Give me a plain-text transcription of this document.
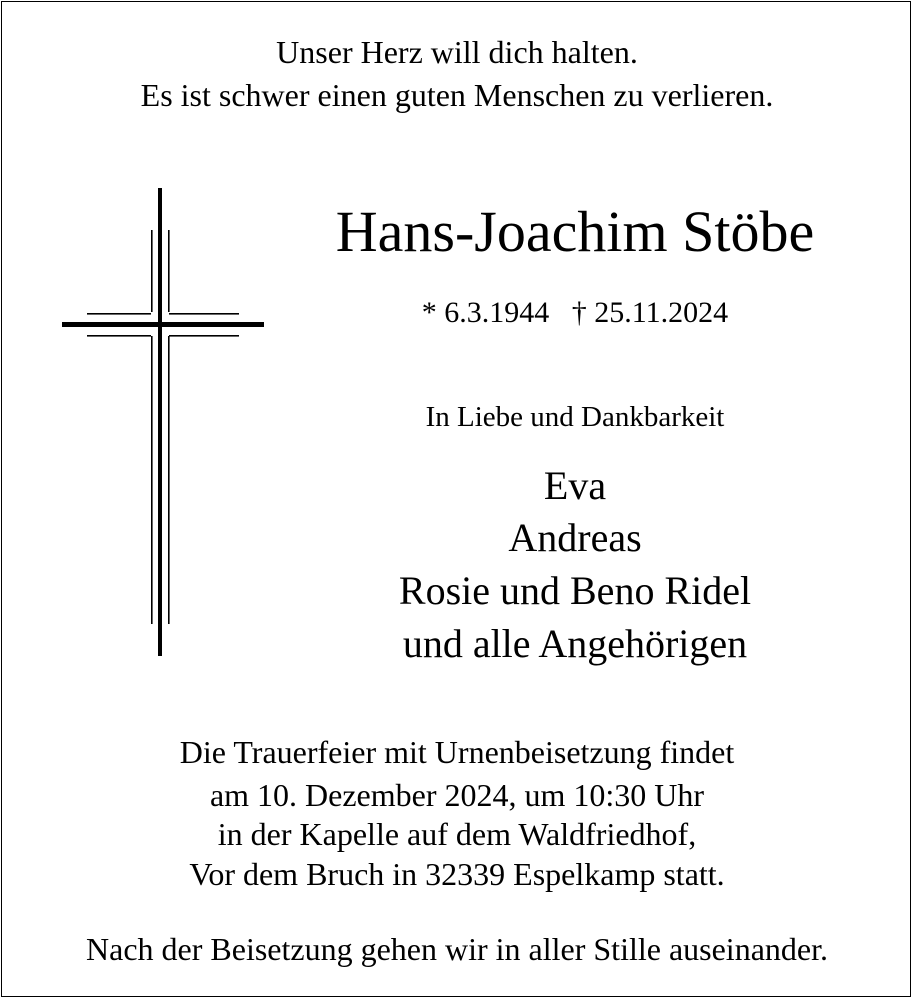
Unser Herz will dich halten.
Es ist schwer einen guten Menschen zu verlieren.
Hans-Joachim Stöbe
* 6.3.1944   † 25.11.2024
In Liebe und Dankbarkeit
Eva
Andreas
Rosie und Beno Ridel
und alle Angehörigen
Die Trauerfeier mit Urnenbeisetzung findet
am 10. Dezember 2024, um 10:30 Uhr
in der Kapelle auf dem Waldfriedhof,
Vor dem Bruch in 32339 Espelkamp statt.
Nach der Beisetzung gehen wir in aller Stille auseinander.
